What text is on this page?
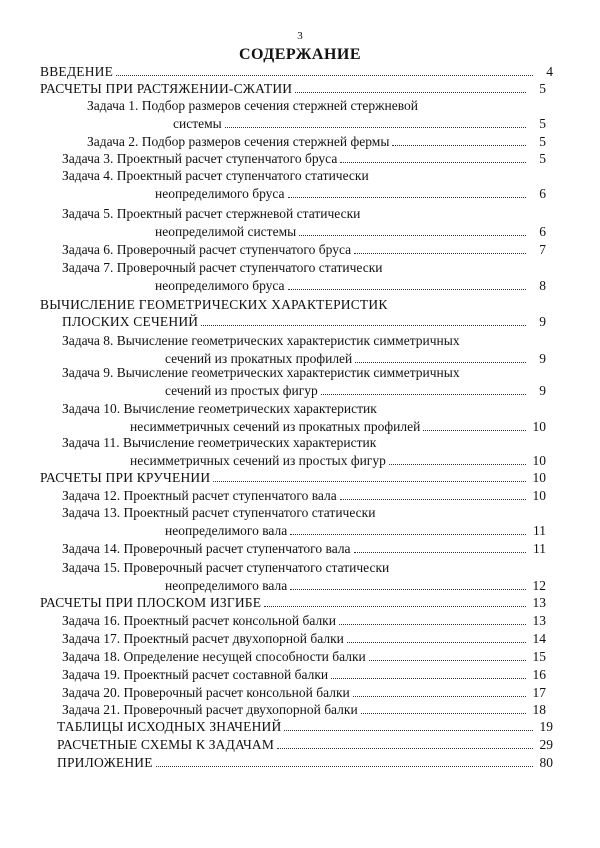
3
СОДЕРЖАНИЕ
ВВЕДЕНИЕ	4
РАСЧЕТЫ ПРИ РАСТЯЖЕНИИ-СЖАТИИ	5
Задача 1. Подбор размеров сечения стержней стержневой
системы	5
Задача 2. Подбор размеров сечения стержней фермы	5
Задача 3. Проектный расчет ступенчатого бруса	5
Задача 4. Проектный расчет ступенчатого статически
неопределимого бруса	6
Задача 5. Проектный расчет стержневой статически
неопределимой системы	6
Задача 6. Проверочный расчет ступенчатого бруса	7
Задача 7. Проверочный расчет ступенчатого статически
неопределимого бруса	8
ВЫЧИСЛЕНИЕ ГЕОМЕТРИЧЕСКИХ ХАРАКТЕРИСТИК
ПЛОСКИХ СЕЧЕНИЙ	9
Задача 8. Вычисление геометрических характеристик симметричных
сечений из прокатных профилей	9
Задача 9. Вычисление геометрических характеристик симметричных
сечений из простых фигур	9
Задача 10. Вычисление геометрических характеристик
несимметричных сечений из прокатных профилей	10
Задача 11. Вычисление геометрических характеристик
несимметричных сечений из простых фигур	10
РАСЧЕТЫ ПРИ КРУЧЕНИИ	10
Задача 12. Проектный расчет ступенчатого вала	10
Задача 13. Проектный расчет ступенчатого статически
неопределимого вала	11
Задача 14. Проверочный расчет ступенчатого вала	11
Задача 15. Проверочный расчет ступенчатого статически
неопределимого вала	12
РАСЧЕТЫ ПРИ ПЛОСКОМ ИЗГИБЕ	13
Задача 16. Проектный расчет консольной балки	13
Задача 17. Проектный расчет двухопорной балки	14
Задача 18. Определение несущей способности балки	15
Задача 19. Проектный расчет составной балки	16
Задача 20. Проверочный расчет консольной балки	17
Задача 21. Проверочный расчет двухопорной балки	18
ТАБЛИЦЫ ИСХОДНЫХ ЗНАЧЕНИЙ	19
РАСЧЕТНЫЕ СХЕМЫ К ЗАДАЧАМ	29
ПРИЛОЖЕНИЕ	80
